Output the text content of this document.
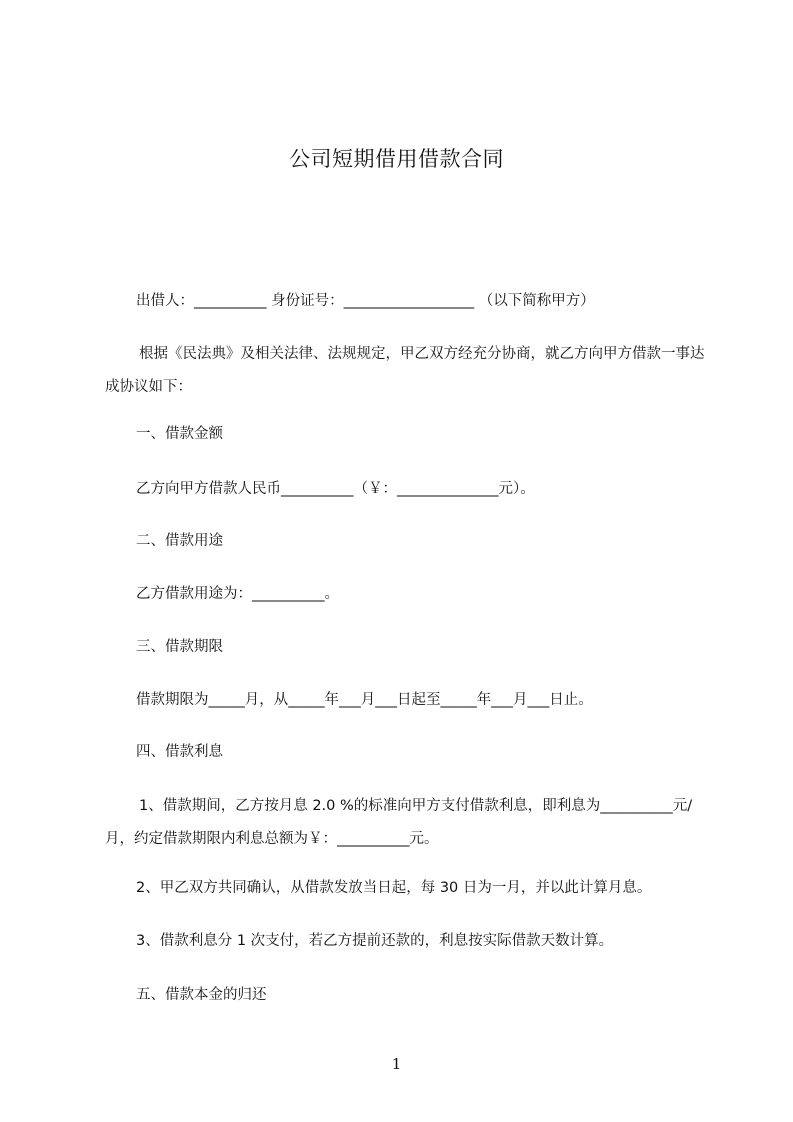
公司短期借用借款合同
出借人：__________ 身份证号：__________________ （以下简称甲方）
根据《民法典》及相关法律、法规规定，甲乙双方经充分协商，就乙方向甲方借款一事达成协议如下：
一、借款金额
乙方向甲方借款人民币__________（￥：______________元）。
二、借款用途
乙方借款用途为：__________。
三、借款期限
借款期限为_____月，从_____年___月___日起至_____年___月___日止。
四、借款利息
1、借款期间，乙方按月息 2.0 %的标准向甲方支付借款利息，即利息为__________元/月，约定借款期限内利息总额为￥：__________元。
2、甲乙双方共同确认，从借款发放当日起，每 30 日为一月，并以此计算月息。
3、借款利息分 1 次支付，若乙方提前还款的，利息按实际借款天数计算。
五、借款本金的归还
1
